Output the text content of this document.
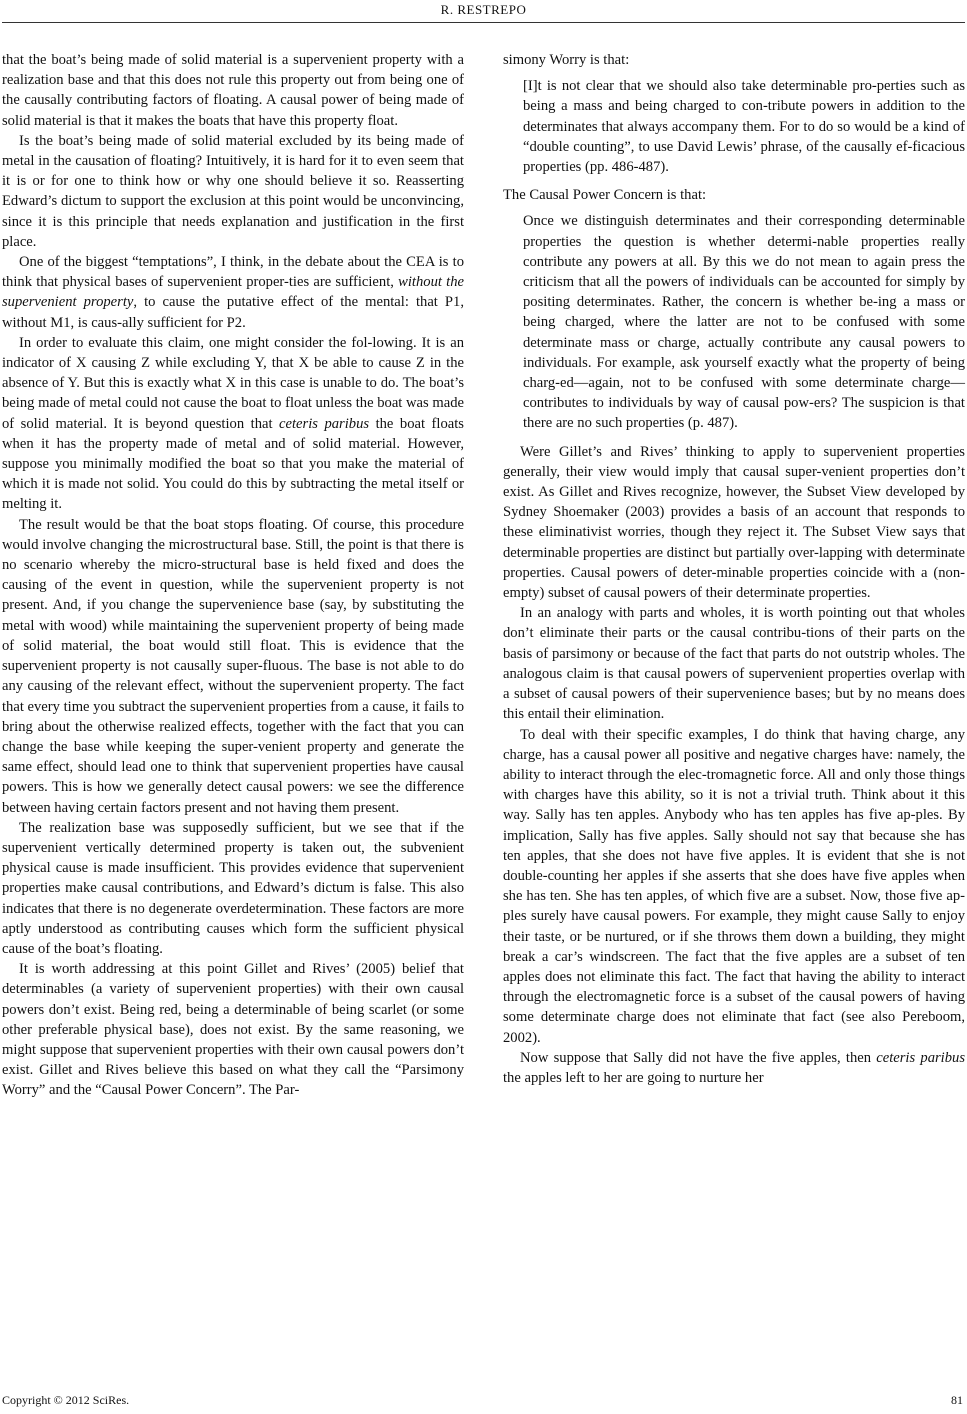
R. RESTREPO

that the boat’s being made of solid material is a supervenient property with a realization base and that this does not rule this property out from being one of the causally contributing factors of floating. A causal power of being made of solid material is that it makes the boats that have this property float.

Is the boat’s being made of solid material excluded by its being made of metal in the causation of floating? Intuitively, it is hard for it to even seem that it is or for one to think how or why one should believe it so. Reasserting Edward’s dictum to support the exclusion at this point would be unconvincing, since it is this principle that needs explanation and justification in the first place.

One of the biggest “temptations”, I think, in the debate about the CEA is to think that physical bases of supervenient proper-ties are sufficient, without the supervenient property, to cause the putative effect of the mental: that P1, without M1, is caus-ally sufficient for P2.

In order to evaluate this claim, one might consider the fol-lowing. It is an indicator of X causing Z while excluding Y, that X be able to cause Z in the absence of Y. But this is exactly what X in this case is unable to do. The boat’s being made of metal could not cause the boat to float unless the boat was made of solid material. It is beyond question that ceteris paribus the boat floats when it has the property made of metal and of solid material. However, suppose you minimally modified the boat so that you make the material of which it is made not solid. You could do this by subtracting the metal itself or melting it.

The result would be that the boat stops floating. Of course, this procedure would involve changing the microstructural base. Still, the point is that there is no scenario whereby the micro-structural base is held fixed and does the causing of the event in question, while the supervenient property is not present. And, if you change the supervenience base (say, by substituting the metal with wood) while maintaining the supervenient property of being made of solid material, the boat would still float. This is evidence that the supervenient property is not causally super-fluous. The base is not able to do any causing of the relevant effect, without the supervenient property. The fact that every time you subtract the supervenient properties from a cause, it fails to bring about the otherwise realized effects, together with the fact that you can change the base while keeping the super-venient property and generate the same effect, should lead one to think that supervenient properties have causal powers. This is how we generally detect causal powers: we see the difference between having certain factors present and not having them present.

The realization base was supposedly sufficient, but we see that if the supervenient vertically determined property is taken out, the subvenient physical cause is made insufficient. This provides evidence that supervenient properties make causal contributions, and Edward’s dictum is false. This also indicates that there is no degenerate overdetermination. These factors are more aptly understood as contributing causes which form the sufficient physical cause of the boat’s floating.

It is worth addressing at this point Gillet and Rives’ (2005) belief that determinables (a variety of supervenient properties) with their own causal powers don’t exist. Being red, being a determinable of being scarlet (or some other preferable physical base), does not exist. By the same reasoning, we might suppose that supervenient properties with their own causal powers don’t exist. Gillet and Rives believe this based on what they call the “Parsimony Worry” and the “Causal Power Concern”. The Par-

simony Worry is that:

[I]t is not clear that we should also take determinable pro-perties such as being a mass and being charged to con-tribute powers in addition to the determinates that always accompany them. For to do so would be a kind of “double counting”, to use David Lewis’ phrase, of the causally ef-ficacious properties (pp. 486-487).

The Causal Power Concern is that:

Once we distinguish determinates and their corresponding determinable properties the question is whether determi-nable properties really contribute any powers at all. By this we do not mean to again press the criticism that all the powers of individuals can be accounted for simply by positing determinates. Rather, the concern is whether be-ing a mass or being charged, where the latter are not to be confused with some determinate mass or charge, actually contribute any causal powers to individuals. For example, ask yourself exactly what the property of being charg-ed—again, not to be confused with some determinate charge—contributes to individuals by way of causal pow-ers? The suspicion is that there are no such properties (p. 487).

Were Gillet’s and Rives’ thinking to apply to supervenient properties generally, their view would imply that causal super-venient properties don’t exist. As Gillet and Rives recognize, however, the Subset View developed by Sydney Shoemaker (2003) provides a basis of an account that responds to these eliminativist worries, though they reject it. The Subset View says that determinable properties are distinct but partially over-lapping with determinate properties. Causal powers of deter-minable properties coincide with a (non-empty) subset of causal powers of their determinate properties.

In an analogy with parts and wholes, it is worth pointing out that wholes don’t eliminate their parts or the causal contribu-tions of their parts on the basis of parsimony or because of the fact that parts do not outstrip wholes. The analogous claim is that causal powers of supervenient properties overlap with a subset of causal powers of their supervenience bases; but by no means does this entail their elimination.

To deal with their specific examples, I do think that having charge, any charge, has a causal power all positive and negative charges have: namely, the ability to interact through the elec-tromagnetic force. All and only those things with charges have this ability, so it is not a trivial truth. Think about it this way. Sally has ten apples. Anybody who has ten apples has five ap-ples. By implication, Sally has five apples. Sally should not say that because she has ten apples, that she does not have five apples. It is evident that she is not double-counting her apples if she asserts that she does have five apples when she has ten. She has ten apples, of which five are a subset. Now, those five ap-ples surely have causal powers. For example, they might cause Sally to enjoy their taste, or be nurtured, or if she throws them down a building, they might break a car’s windscreen. The fact that the five apples are a subset of ten apples does not eliminate this fact. The fact that having the ability to interact through the electromagnetic force is a subset of the causal powers of having some determinate charge does not eliminate that fact (see also Pereboom, 2002).

Now suppose that Sally did not have the five apples, then ceteris paribus the apples left to her are going to nurture her

Copyright © 2012 SciRes.	81
